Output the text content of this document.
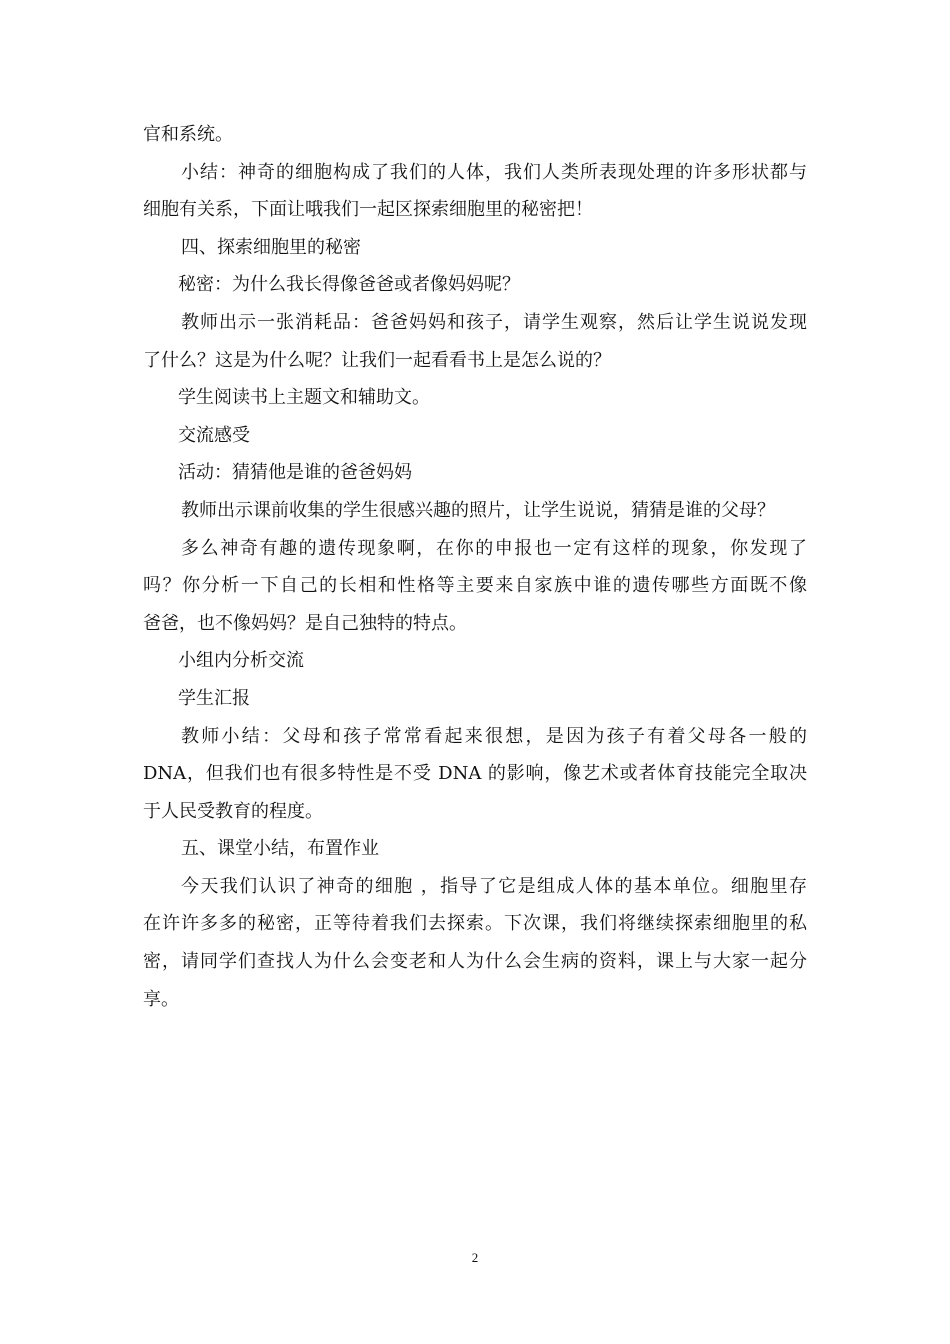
官和系统。
小结：神奇的细胞构成了我们的人体，我们人类所表现处理的许多形状都与
细胞有关系，下面让哦我们一起区探索细胞里的秘密把！
四、探索细胞里的秘密
秘密：为什么我长得像爸爸或者像妈妈呢？
教师出示一张消耗品：爸爸妈妈和孩子，请学生观察，然后让学生说说发现
了什么？这是为什么呢？让我们一起看看书上是怎么说的？
学生阅读书上主题文和辅助文。
交流感受
活动：猜猜他是谁的爸爸妈妈
教师出示课前收集的学生很感兴趣的照片，让学生说说，猜猜是谁的父母？
多么神奇有趣的遗传现象啊，在你的申报也一定有这样的现象，你发现了
吗？你分析一下自己的长相和性格等主要来自家族中谁的遗传哪些方面既不像
爸爸，也不像妈妈？是自己独特的特点。
小组内分析交流
学生汇报
教师小结：父母和孩子常常看起来很想，是因为孩子有着父母各一般的
DNA，但我们也有很多特性是不受 DNA 的影响，像艺术或者体育技能完全取决
于人民受教育的程度。
五、课堂小结，布置作业
今天我们认识了神奇的细胞 ，指导了它是组成人体的基本单位。细胞里存
在许许多多的秘密，正等待着我们去探索。下次课，我们将继续探索细胞里的私
密，请同学们查找人为什么会变老和人为什么会生病的资料，课上与大家一起分
享。
2
